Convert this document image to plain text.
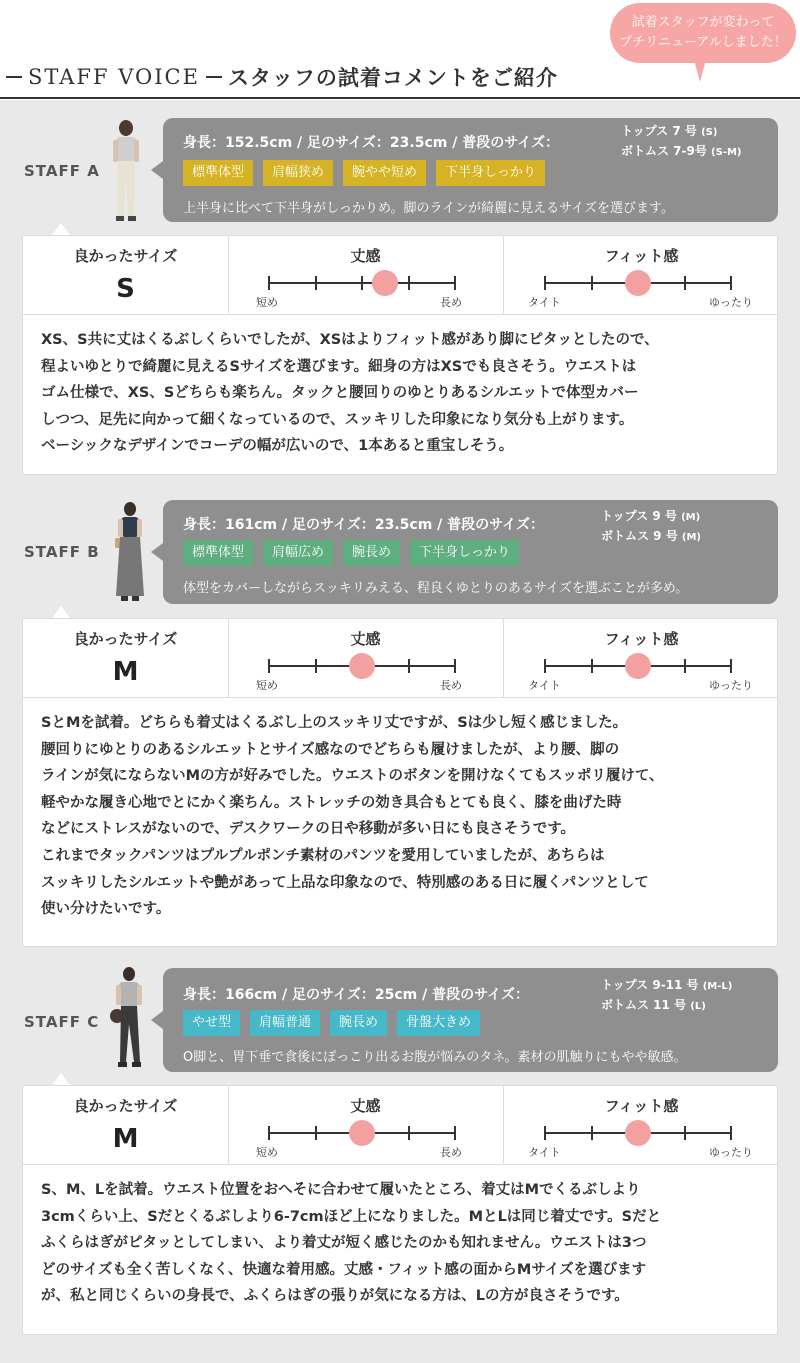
STAFF VOICE スタッフの試着コメントをご紹介
試着スタッフが変わって
プチリニューアルしました！
STAFF A
身長：152.5cm / 足のサイズ：23.5cm / 普段のサイズ：
トップス 7 号 (S)
ボトムス 7-9号 (S-M)
標準体型	肩幅狭め	腕やや短め	下半身しっかり
上半身に比べて下半身がしっかりめ。脚のラインが綺麗に見えるサイズを選びます。
良かったサイズ
S
丈感
短め	長め
フィット感
タイト	ゆったり

XS、S共に丈はくるぶしくらいでしたが、XSはよりフィット感があり脚にピタッとしたので、

程よいゆとりで綺麗に見えるSサイズを選びます。細身の方はXSでも良さそう。ウエストは

ゴム仕様で、XS、Sどちらも楽ちん。タックと腰回りのゆとりあるシルエットで体型カバー

しつつ、足先に向かって細くなっているので、スッキリした印象になり気分も上がります。

ベーシックなデザインでコーデの幅が広いので、1本あると重宝しそう。

STAFF B
身長：161cm / 足のサイズ：23.5cm / 普段のサイズ：
トップス 9 号 (M)
ボトムス 9 号 (M)
標準体型	肩幅広め	腕長め	下半身しっかり
体型をカバーしながらスッキリみえる、程良くゆとりのあるサイズを選ぶことが多め。
良かったサイズ
M
丈感
短め	長め
フィット感
タイト	ゆったり

SとMを試着。どちらも着丈はくるぶし上のスッキリ丈ですが、Sは少し短く感じました。

腰回りにゆとりのあるシルエットとサイズ感なのでどちらも履けましたが、より腰、脚の

ラインが気にならないMの方が好みでした。ウエストのボタンを開けなくてもスッポリ履けて、

軽やかな履き心地でとにかく楽ちん。ストレッチの効き具合もとても良く、膝を曲げた時

などにストレスがないので、デスクワークの日や移動が多い日にも良さそうです。

これまでタックパンツはプルプルポンチ素材のパンツを愛用していましたが、あちらは

スッキリしたシルエットや艶があって上品な印象なので、特別感のある日に履くパンツとして

使い分けたいです。

STAFF C
身長：166cm / 足のサイズ：25cm / 普段のサイズ：
トップス 9-11 号 (M-L)
ボトムス 11 号 (L)
やせ型	肩幅普通	腕長め	骨盤大きめ
O脚と、胃下垂で食後にぽっこり出るお腹が悩みのタネ。素材の肌触りにもやや敏感。
良かったサイズ
M
丈感
短め	長め
フィット感
タイト	ゆったり

S、M、Lを試着。ウエスト位置をおへそに合わせて履いたところ、着丈はMでくるぶしより

3cmくらい上、Sだとくるぶしより6-7cmほど上になりました。MとLは同じ着丈です。Sだと

ふくらはぎがピタッとしてしまい、より着丈が短く感じたのかも知れません。ウエストは3つ

どのサイズも全く苦しくなく、快適な着用感。丈感・フィット感の面からMサイズを選びます

が、私と同じくらいの身長で、ふくらはぎの張りが気になる方は、Lの方が良さそうです。
